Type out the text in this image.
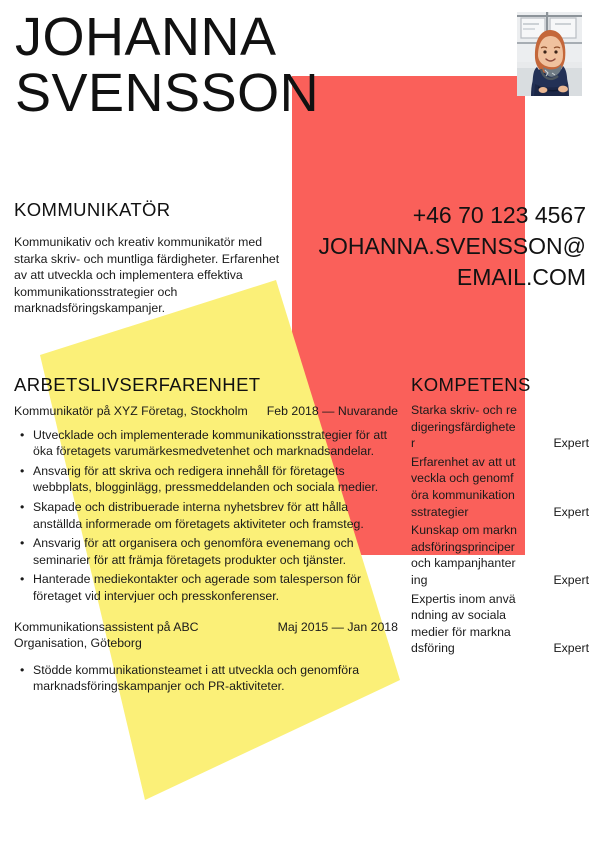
JOHANNA
SVENSSON
+46 70 123 4567
JOHANNA.SVENSSON@EMAIL.COM
KOMMUNIKATÖR
Kommunikativ och kreativ kommunikatör med starka skriv- och muntliga färdigheter. Erfarenhet av att utveckla och implementera effektiva kommunikationsstrategier och marknadsföringskampanjer.
ARBETSLIVSERFARENHET
Kommunikatör på XYZ Företag, Stockholm Feb 2018 — Nuvarande
• Utvecklade och implementerade kommunikationsstrategier för att öka företagets varumärkesmedvetenhet och marknadsandelar.
• Ansvarig för att skriva och redigera innehåll för företagets webbplats, blogginlägg, pressmeddelanden och sociala medier.
• Skapade och distribuerade interna nyhetsbrev för att hålla anställda informerade om företagets aktiviteter och framsteg.
• Ansvarig för att organisera och genomföra evenemang och seminarier för att främja företagets produkter och tjänster.
• Hanterade mediekontakter och agerade som talesperson för företaget vid intervjuer och presskonferenser.
Kommunikationsassistent på ABC Organisation, Göteborg
Maj 2015 — Jan 2018
• Stödde kommunikationsteamet i att utveckla och genomföra marknadsföringskampanjer och PR-aktiviteter.
KOMPETENS
Starka skriv- och redigeringsfärdigheter	Expert
Erfarenhet av att utveckla och genomföra kommunikationsstrategier	Expert
Kunskap om marknadsföringsprinciper och kampanjhantering	Expert
Expertis inom användning av sociala medier för marknadsföring	Expert
